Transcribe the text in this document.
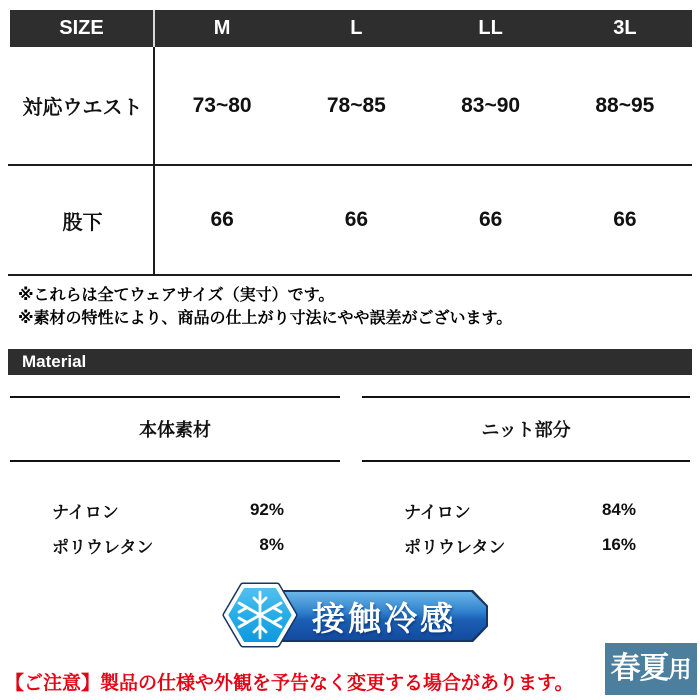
SIZE	M	L	LL	3L
対応ウエスト	73~80	78~85	83~90	88~95
股下	66	66	66	66
※これらは全てウェアサイズ（実寸）です。
※素材の特性により、商品の仕上がり寸法にやや誤差がございます。
Material
本体素材	ニット部分
ナイロン	92%
ポリウレタン	8%
ナイロン	84%
ポリウレタン	16%
接触冷感
春夏 用
【ご注意】製品の仕様や外観を予告なく変更する場合があります。
